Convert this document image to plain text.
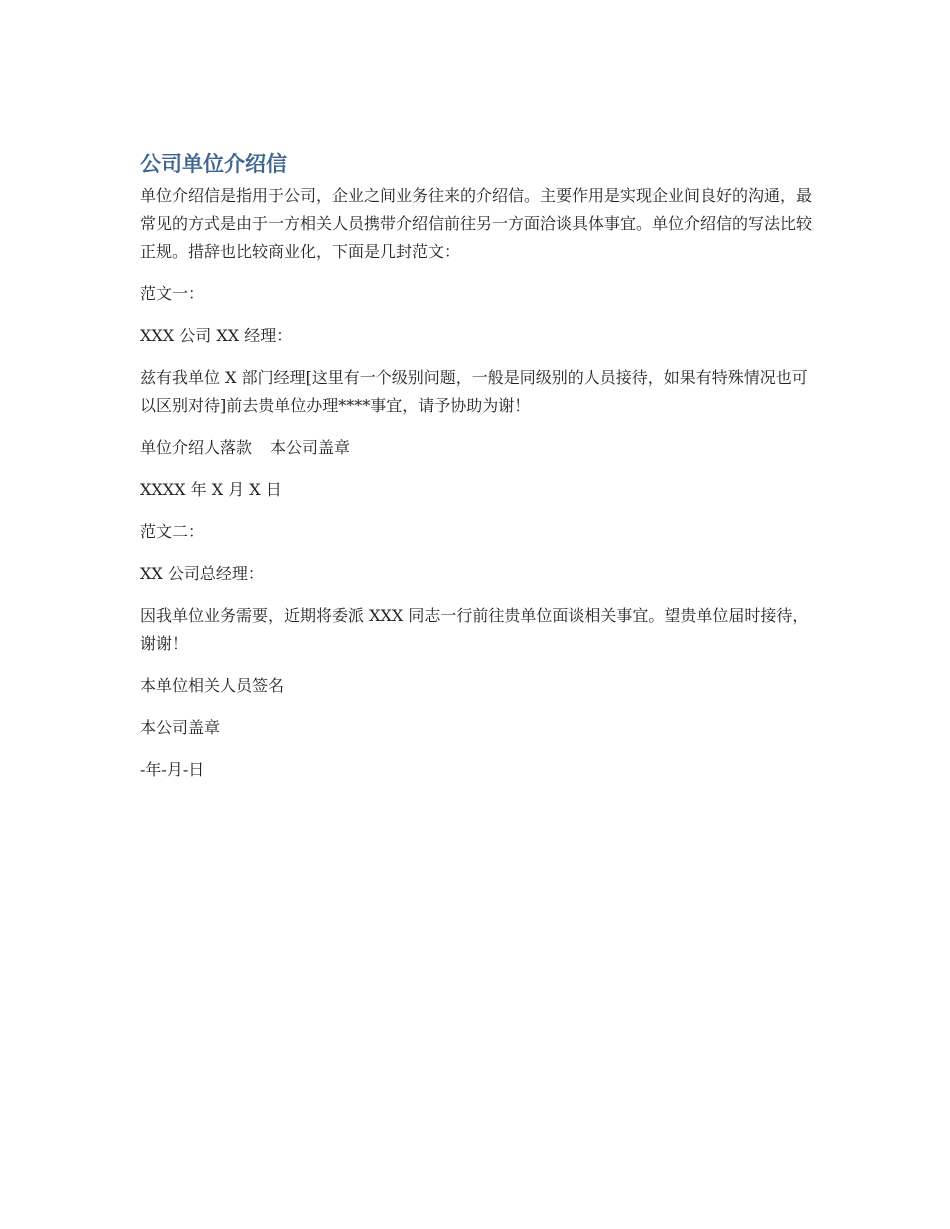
公司单位介绍信

单位介绍信是指用于公司，企业之间业务往来的介绍信。主要作用是实现企业间良好的沟通，最常见的方式是由于一方相关人员携带介绍信前往另一方面洽谈具体事宜。单位介绍信的写法比较正规。措辞也比较商业化，下面是几封范文：

范文一：

XXX 公司 XX 经理：

兹有我单位 X 部门经理[这里有一个级别问题，一般是同级别的人员接待，如果有特殊情况也可以区别对待]前去贵单位办理****事宜，请予协助为谢！

单位介绍人落款 本公司盖章

XXXX 年 X 月 X 日

范文二：

XX 公司总经理：

因我单位业务需要，近期将委派 XXX 同志一行前往贵单位面谈相关事宜。望贵单位届时接待，谢谢！

本单位相关人员签名

本公司盖章

-年-月-日
